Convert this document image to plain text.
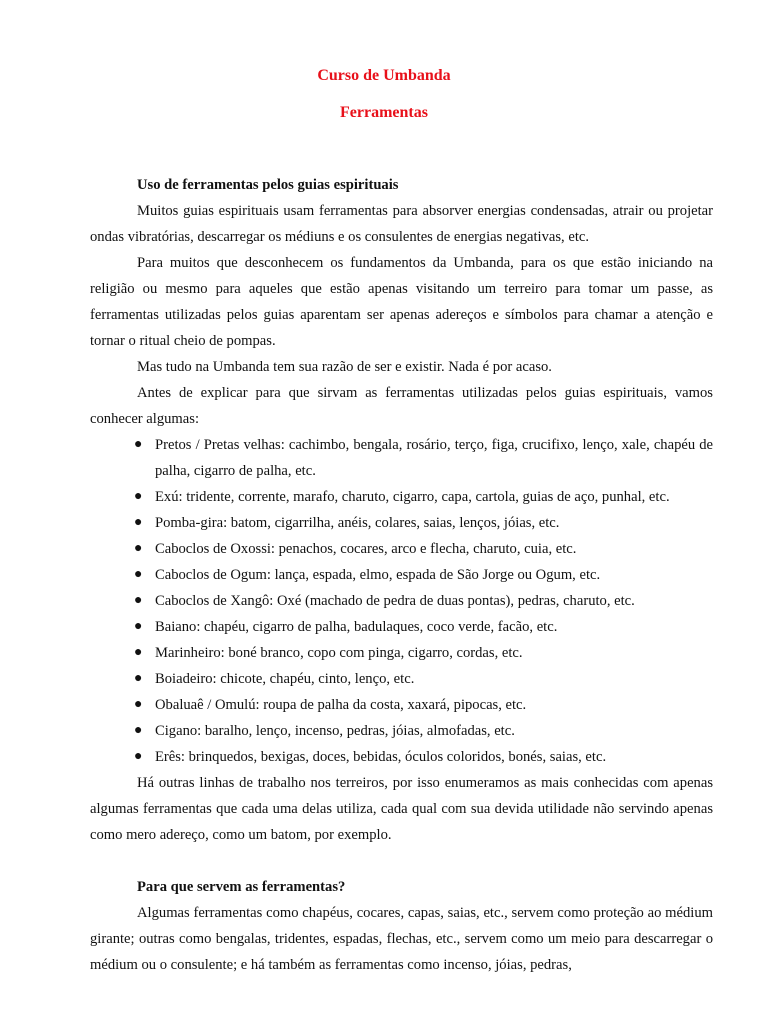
Curso de Umbanda
Ferramentas
Uso de ferramentas pelos guias espirituais

Muitos guias espirituais usam ferramentas para absorver energias condensadas, atrair ou projetar ondas vibratórias, descarregar os médiuns e os consulentes de energias negativas, etc.

Para muitos que desconhecem os fundamentos da Umbanda, para os que estão iniciando na religião ou mesmo para aqueles que estão apenas visitando um terreiro para tomar um passe, as ferramentas utilizadas pelos guias aparentam ser apenas adereços e símbolos para chamar a atenção e tornar o ritual cheio de pompas.

Mas tudo na Umbanda tem sua razão de ser e existir. Nada é por acaso.

Antes de explicar para que sirvam as ferramentas utilizadas pelos guias espirituais, vamos conhecer algumas:

● Pretos / Pretas velhas: cachimbo, bengala, rosário, terço, figa, crucifixo, lenço, xale, chapéu de palha, cigarro de palha, etc.
● Exú: tridente, corrente, marafo, charuto, cigarro, capa, cartola, guias de aço, punhal, etc.
● Pomba-gira: batom, cigarrilha, anéis, colares, saias, lenços, jóias, etc.
● Caboclos de Oxossi: penachos, cocares, arco e flecha, charuto, cuia, etc.
● Caboclos de Ogum: lança, espada, elmo, espada de São Jorge ou Ogum, etc.
● Caboclos de Xangô: Oxé (machado de pedra de duas pontas), pedras, charuto, etc.
● Baiano: chapéu, cigarro de palha, badulaques, coco verde, facão, etc.
● Marinheiro: boné branco, copo com pinga, cigarro, cordas, etc.
● Boiadeiro: chicote, chapéu, cinto, lenço, etc.
● Obaluaê / Omulú: roupa de palha da costa, xaxará, pipocas, etc.
● Cigano: baralho, lenço, incenso, pedras, jóias, almofadas, etc.
● Erês: brinquedos, bexigas, doces, bebidas, óculos coloridos, bonés, saias, etc.

Há outras linhas de trabalho nos terreiros, por isso enumeramos as mais conhecidas com apenas algumas ferramentas que cada uma delas utiliza, cada qual com sua devida utilidade não servindo apenas como mero adereço, como um batom, por exemplo.

Para que servem as ferramentas?

Algumas ferramentas como chapéus, cocares, capas, saias, etc., servem como proteção ao médium girante; outras como bengalas, tridentes, espadas, flechas, etc., servem como um meio para descarregar o médium ou o consulente; e há também as ferramentas como incenso, jóias, pedras,
